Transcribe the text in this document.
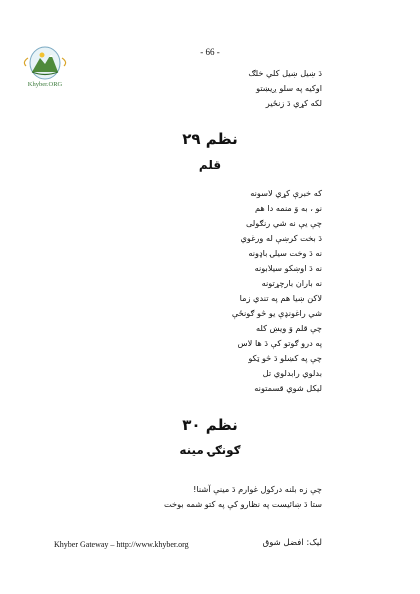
Khyber.ORG
- 66 -
دَ ښيل ښيل کلي خلګ
اوکيه په سلو ږيښتو
لکه کړي دَ زنځير
نظم ۲۹
قلم
که خبرې کړي لاسونه
نو ، به وَ منمه دا هم
چې يې نه شي رنګولی
دَ بخت کرښې له ورغوي
نه دَ وخت سيلۍ باډونه
نه دَ اوښکو سيلابونه
نه باران بارچړتونه
لاکن ښيا هم په تندي زما
شي راغونډې يو څو ګونځې
چې قلم وَ ويښ کله
په درو ګوتو کې دَ ها لاس
چې په کښلو دَ څو ټکو
بدلوي رابدلوي تل
ليکل شوي قسمتونه
نظم ۳۰
ګونګۍ مينه
چې زه بلنه درکول غوارم دَ مينې آشنا!
ستا دَ ښائيست په نظارو کې په کتو شمه بوخت
Khyber Gateway – http://www.khyber.org	ليک: افضل شوق
